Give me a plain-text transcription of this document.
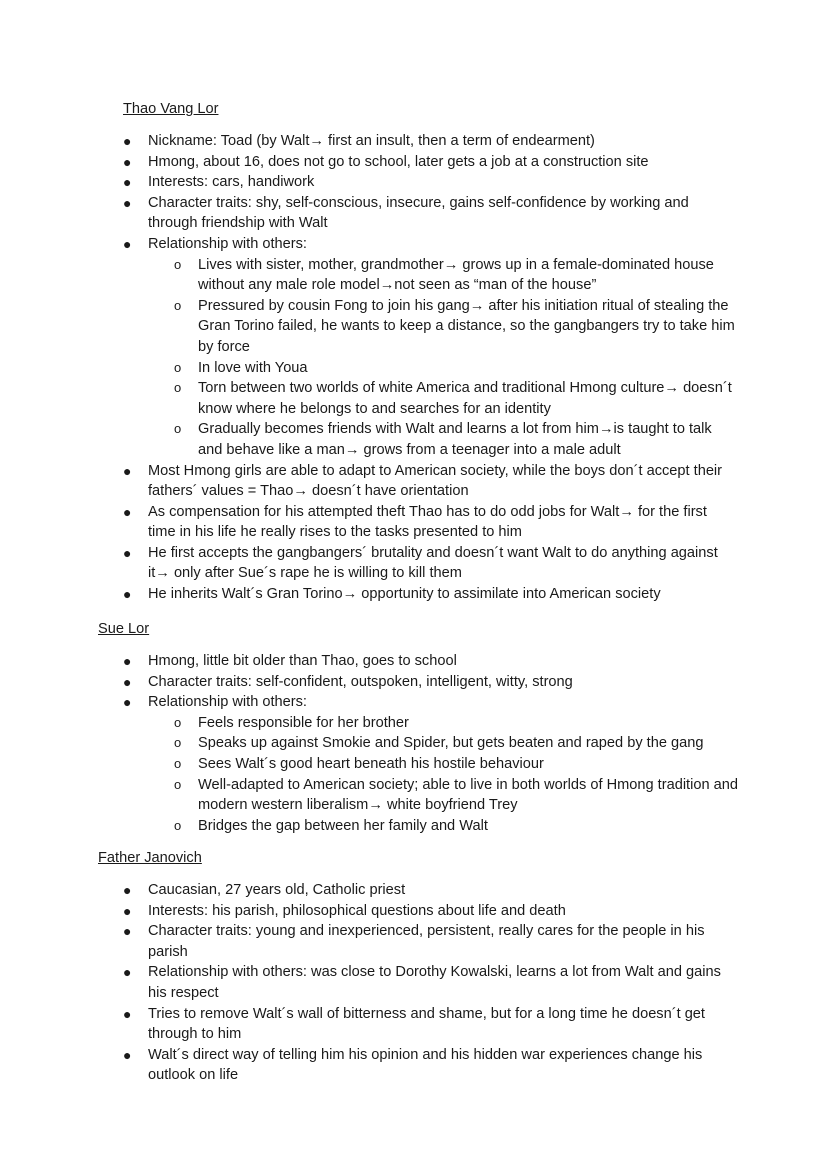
Thao Vang Lor
● Nickname: Toad (by Walt→ first an insult, then a term of endearment)
● Hmong, about 16, does not go to school, later gets a job at a construction site
● Interests: cars, handiwork
● Character traits: shy, self-conscious, insecure, gains self-confidence by working and through friendship with Walt
● Relationship with others:
o Lives with sister, mother, grandmother→ grows up in a female-dominated house without any male role model→not seen as “man of the house”
o Pressured by cousin Fong to join his gang→ after his initiation ritual of stealing the Gran Torino failed, he wants to keep a distance, so the gangbangers try to take him by force
o In love with Youa
o Torn between two worlds of white America and traditional Hmong culture→ doesn´t know where he belongs to and searches for an identity
o Gradually becomes friends with Walt and learns a lot from him→is taught to talk and behave like a man→ grows from a teenager into a male adult
● Most Hmong girls are able to adapt to American society, while the boys don´t accept their fathers´ values = Thao→ doesn´t have orientation
● As compensation for his attempted theft Thao has to do odd jobs for Walt→ for the first time in his life he really rises to the tasks presented to him
● He first accepts the gangbangers´ brutality and doesn´t want Walt to do anything against it→ only after Sue´s rape he is willing to kill them
● He inherits Walt´s Gran Torino→ opportunity to assimilate into American society
Sue Lor
● Hmong, little bit older than Thao, goes to school
● Character traits: self-confident, outspoken, intelligent, witty, strong
● Relationship with others:
o Feels responsible for her brother
o Speaks up against Smokie and Spider, but gets beaten and raped by the gang
o Sees Walt´s good heart beneath his hostile behaviour
o Well-adapted to American society; able to live in both worlds of Hmong tradition and modern western liberalism→ white boyfriend Trey
o Bridges the gap between her family and Walt
Father Janovich
● Caucasian, 27 years old, Catholic priest
● Interests: his parish, philosophical questions about life and death
● Character traits: young and inexperienced, persistent, really cares for the people in his parish
● Relationship with others: was close to Dorothy Kowalski, learns a lot from Walt and gains his respect
● Tries to remove Walt´s wall of bitterness and shame, but for a long time he doesn´t get through to him
● Walt´s direct way of telling him his opinion and his hidden war experiences change his outlook on life
